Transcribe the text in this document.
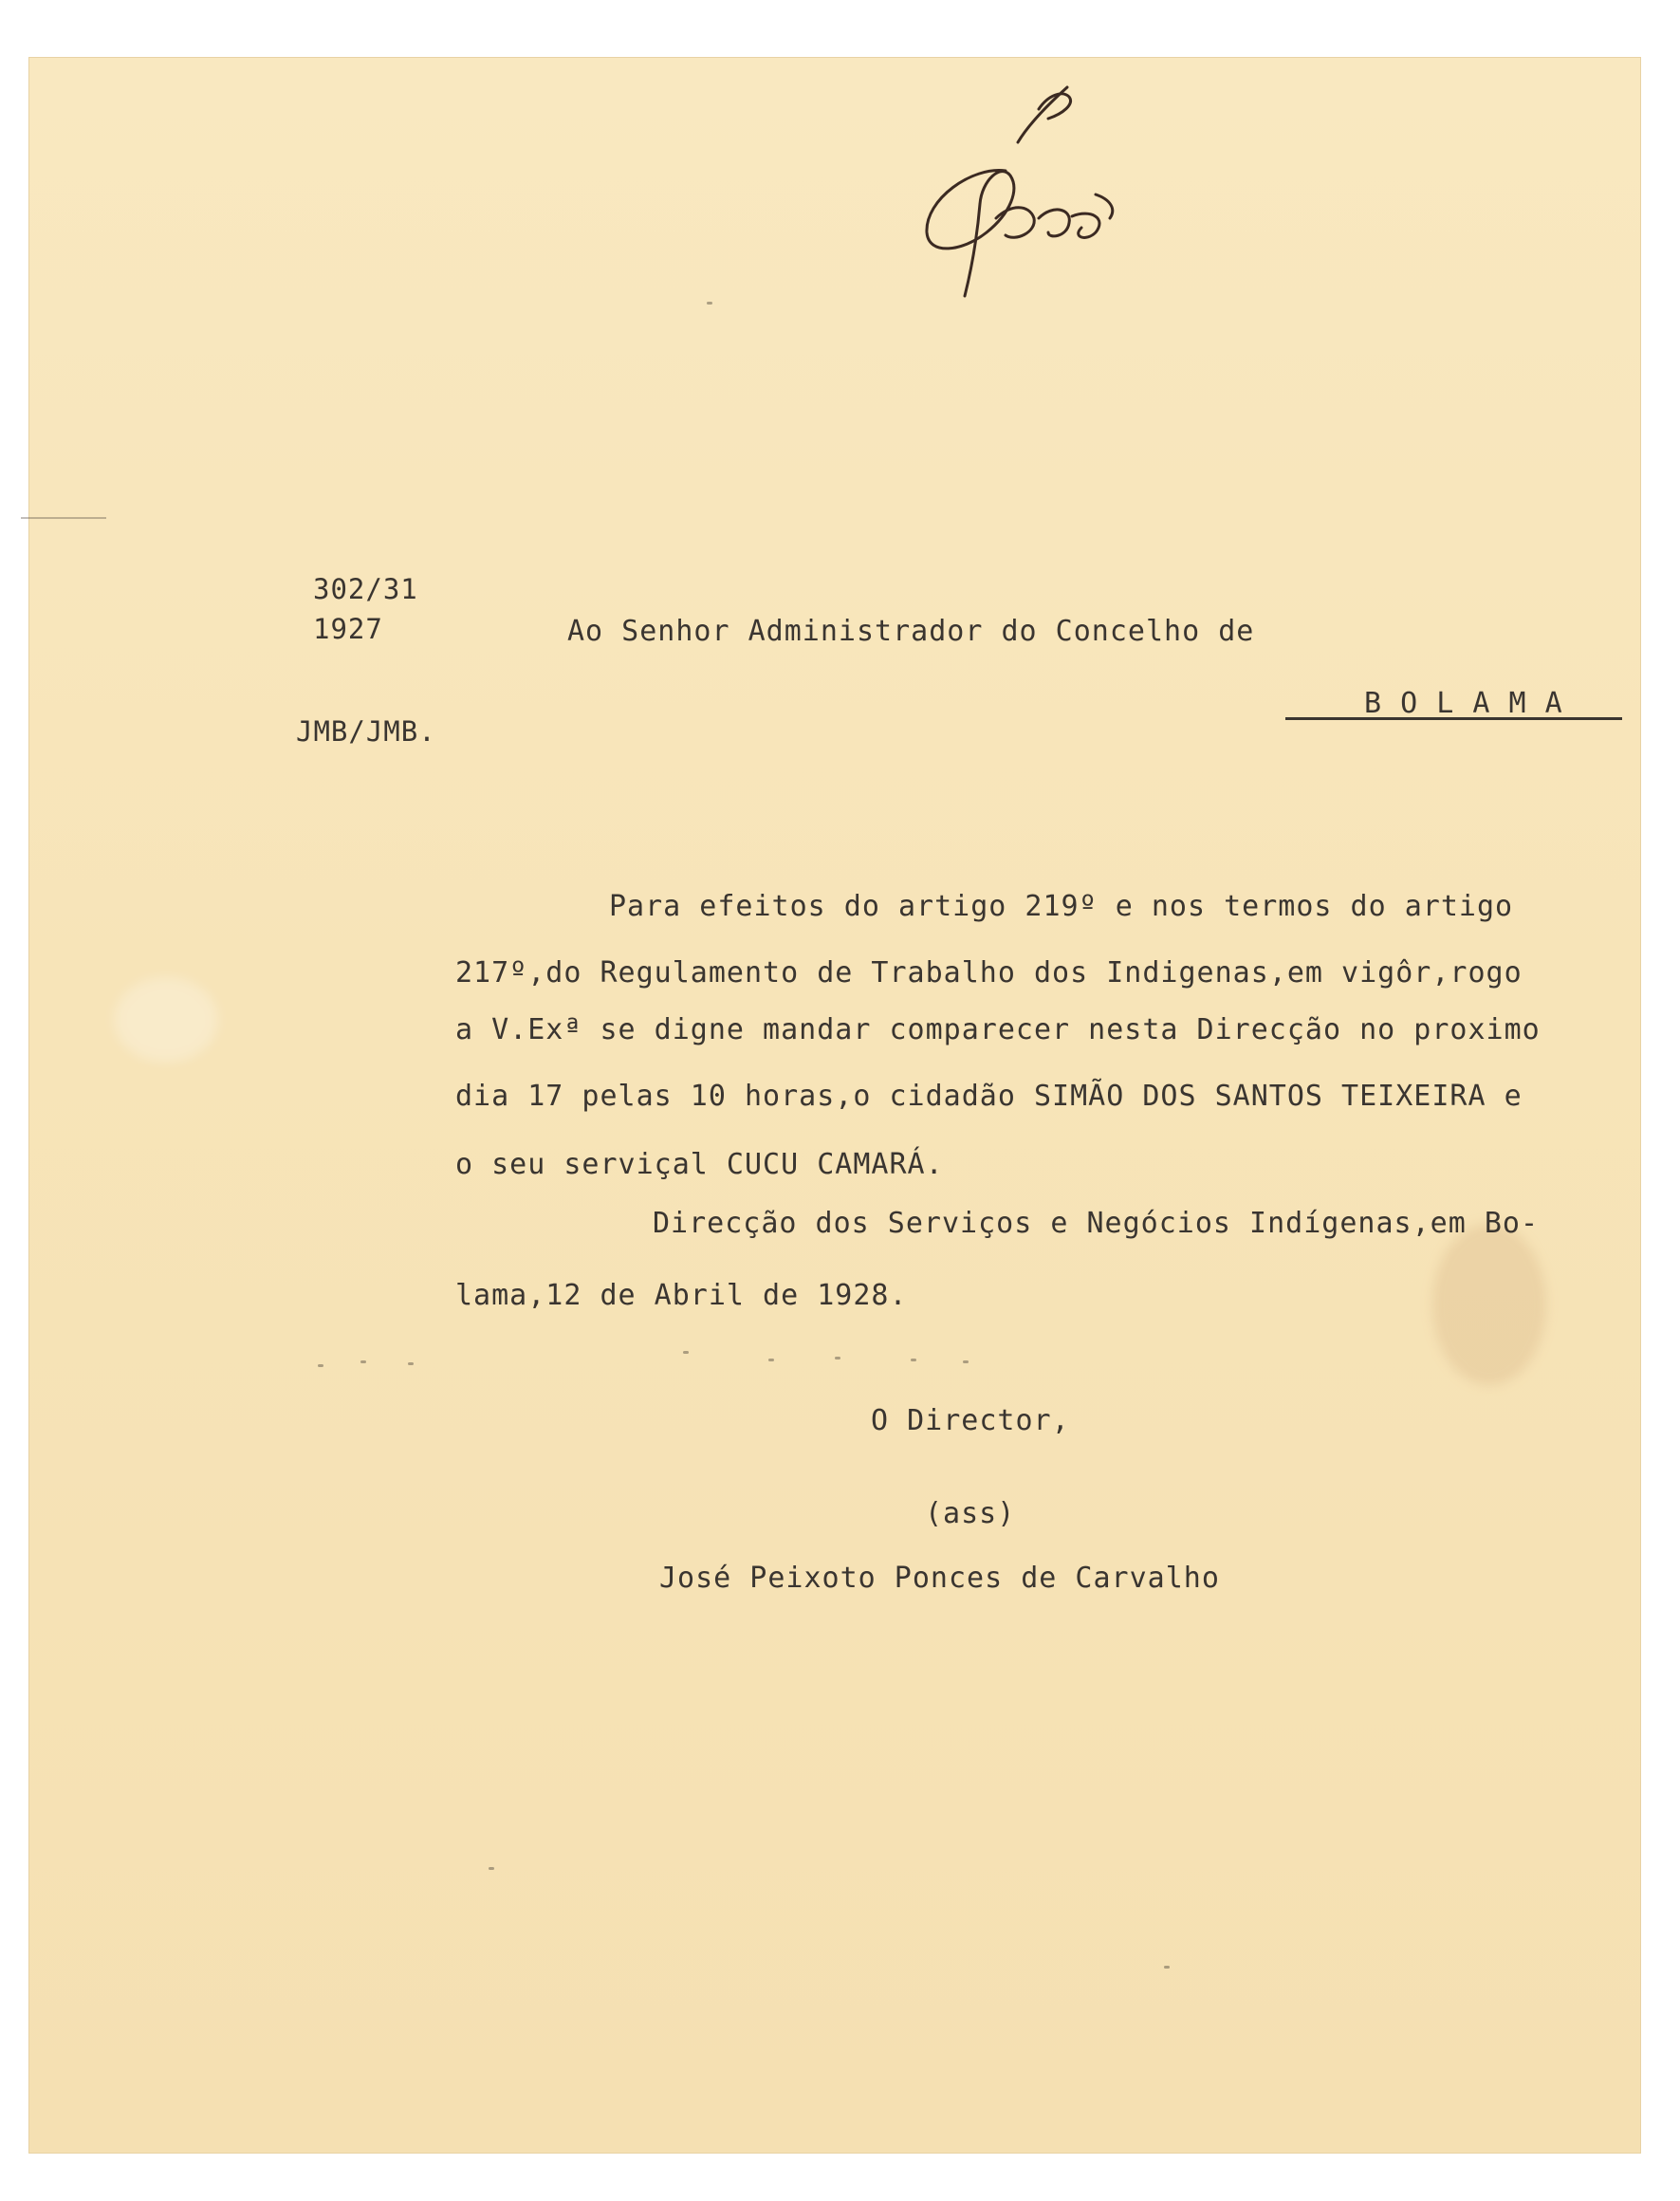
302/31
1927	Ao Senhor Administrador do Concelho de
JMB/JMB.
B O L A M A
Para efeitos do artigo 219º e nos termos do artigo
217º,do Regulamento de Trabalho dos Indigenas,em vigôr,rogo
a V.Exª se digne mandar comparecer nesta Direcção no proximo
dia 17 pelas 10 horas,o cidadão SIMÃO DOS SANTOS TEIXEIRA e
o seu serviçal CUCU CAMARÁ.
Direcção dos Serviços e Negócios Indígenas,em Bo-
lama,12 de Abril de 1928.
O Director,
(ass)
José Peixoto Ponces de Carvalho
